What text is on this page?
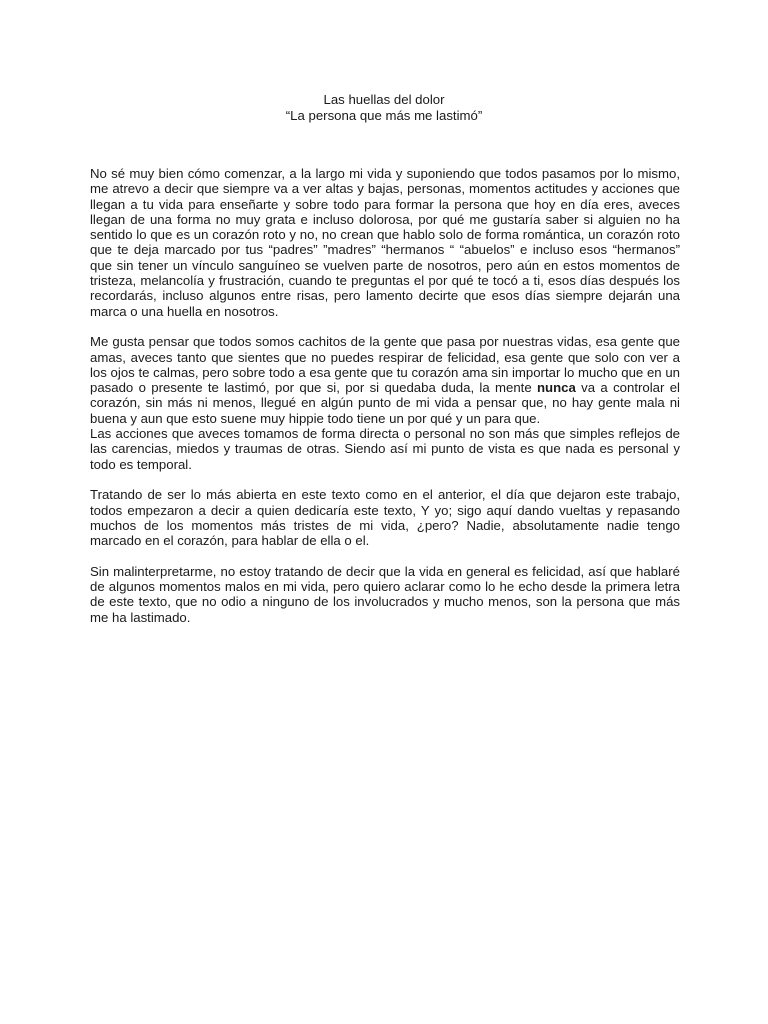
Las huellas del dolor
“La persona que más me lastimó”

No sé muy bien cómo comenzar, a la largo mi vida y suponiendo que todos pasamos por lo mismo, me atrevo a decir que siempre va a ver altas y bajas, personas, momentos actitudes y acciones que llegan a tu vida para enseñarte y sobre todo para formar la persona que hoy en día eres, aveces llegan de una forma no muy grata e incluso dolorosa, por qué me gustaría saber si alguien no ha sentido lo que es un corazón roto y no, no crean que hablo solo de forma romántica, un corazón roto que te deja marcado por tus “padres” ”madres” “hermanos “ “abuelos” e incluso esos “hermanos” que sin tener un vínculo sanguíneo se vuelven parte de nosotros, pero aún en estos momentos de tristeza, melancolía y frustración, cuando te preguntas el por qué te tocó a ti, esos días después los recordarás, incluso algunos entre risas, pero lamento decirte que esos días siempre dejarán una marca o una huella en nosotros.

Me gusta pensar que todos somos cachitos de la gente que pasa por nuestras vidas, esa gente que amas, aveces tanto que sientes que no puedes respirar de felicidad, esa gente que solo con ver a los ojos te calmas, pero sobre todo a esa gente que tu corazón ama sin importar lo mucho que en un pasado o presente te lastimó, por que si, por si quedaba duda, la mente nunca va a controlar el corazón, sin más ni menos, llegué en algún punto de mi vida a pensar que, no hay gente mala ni buena y aun que esto suene muy hippie todo tiene un por qué y un para que.

Las acciones que aveces tomamos de forma directa o personal no son más que simples reflejos de las carencias, miedos y traumas de otras. Siendo así mi punto de vista es que nada es personal y todo es temporal.

Tratando de ser lo más abierta en este texto como en el anterior, el día que dejaron este trabajo, todos empezaron a decir a quien dedicaría este texto, Y yo; sigo aquí dando vueltas y repasando muchos de los momentos más tristes de mi vida, ¿pero? Nadie, absolutamente nadie tengo marcado en el corazón, para hablar de ella o el.

Sin malinterpretarme, no estoy tratando de decir que la vida en general es felicidad, así que hablaré de algunos momentos malos en mi vida, pero quiero aclarar como lo he echo desde la primera letra de este texto, que no odio a ninguno de los involucrados y mucho menos, son la persona que más me ha lastimado.
